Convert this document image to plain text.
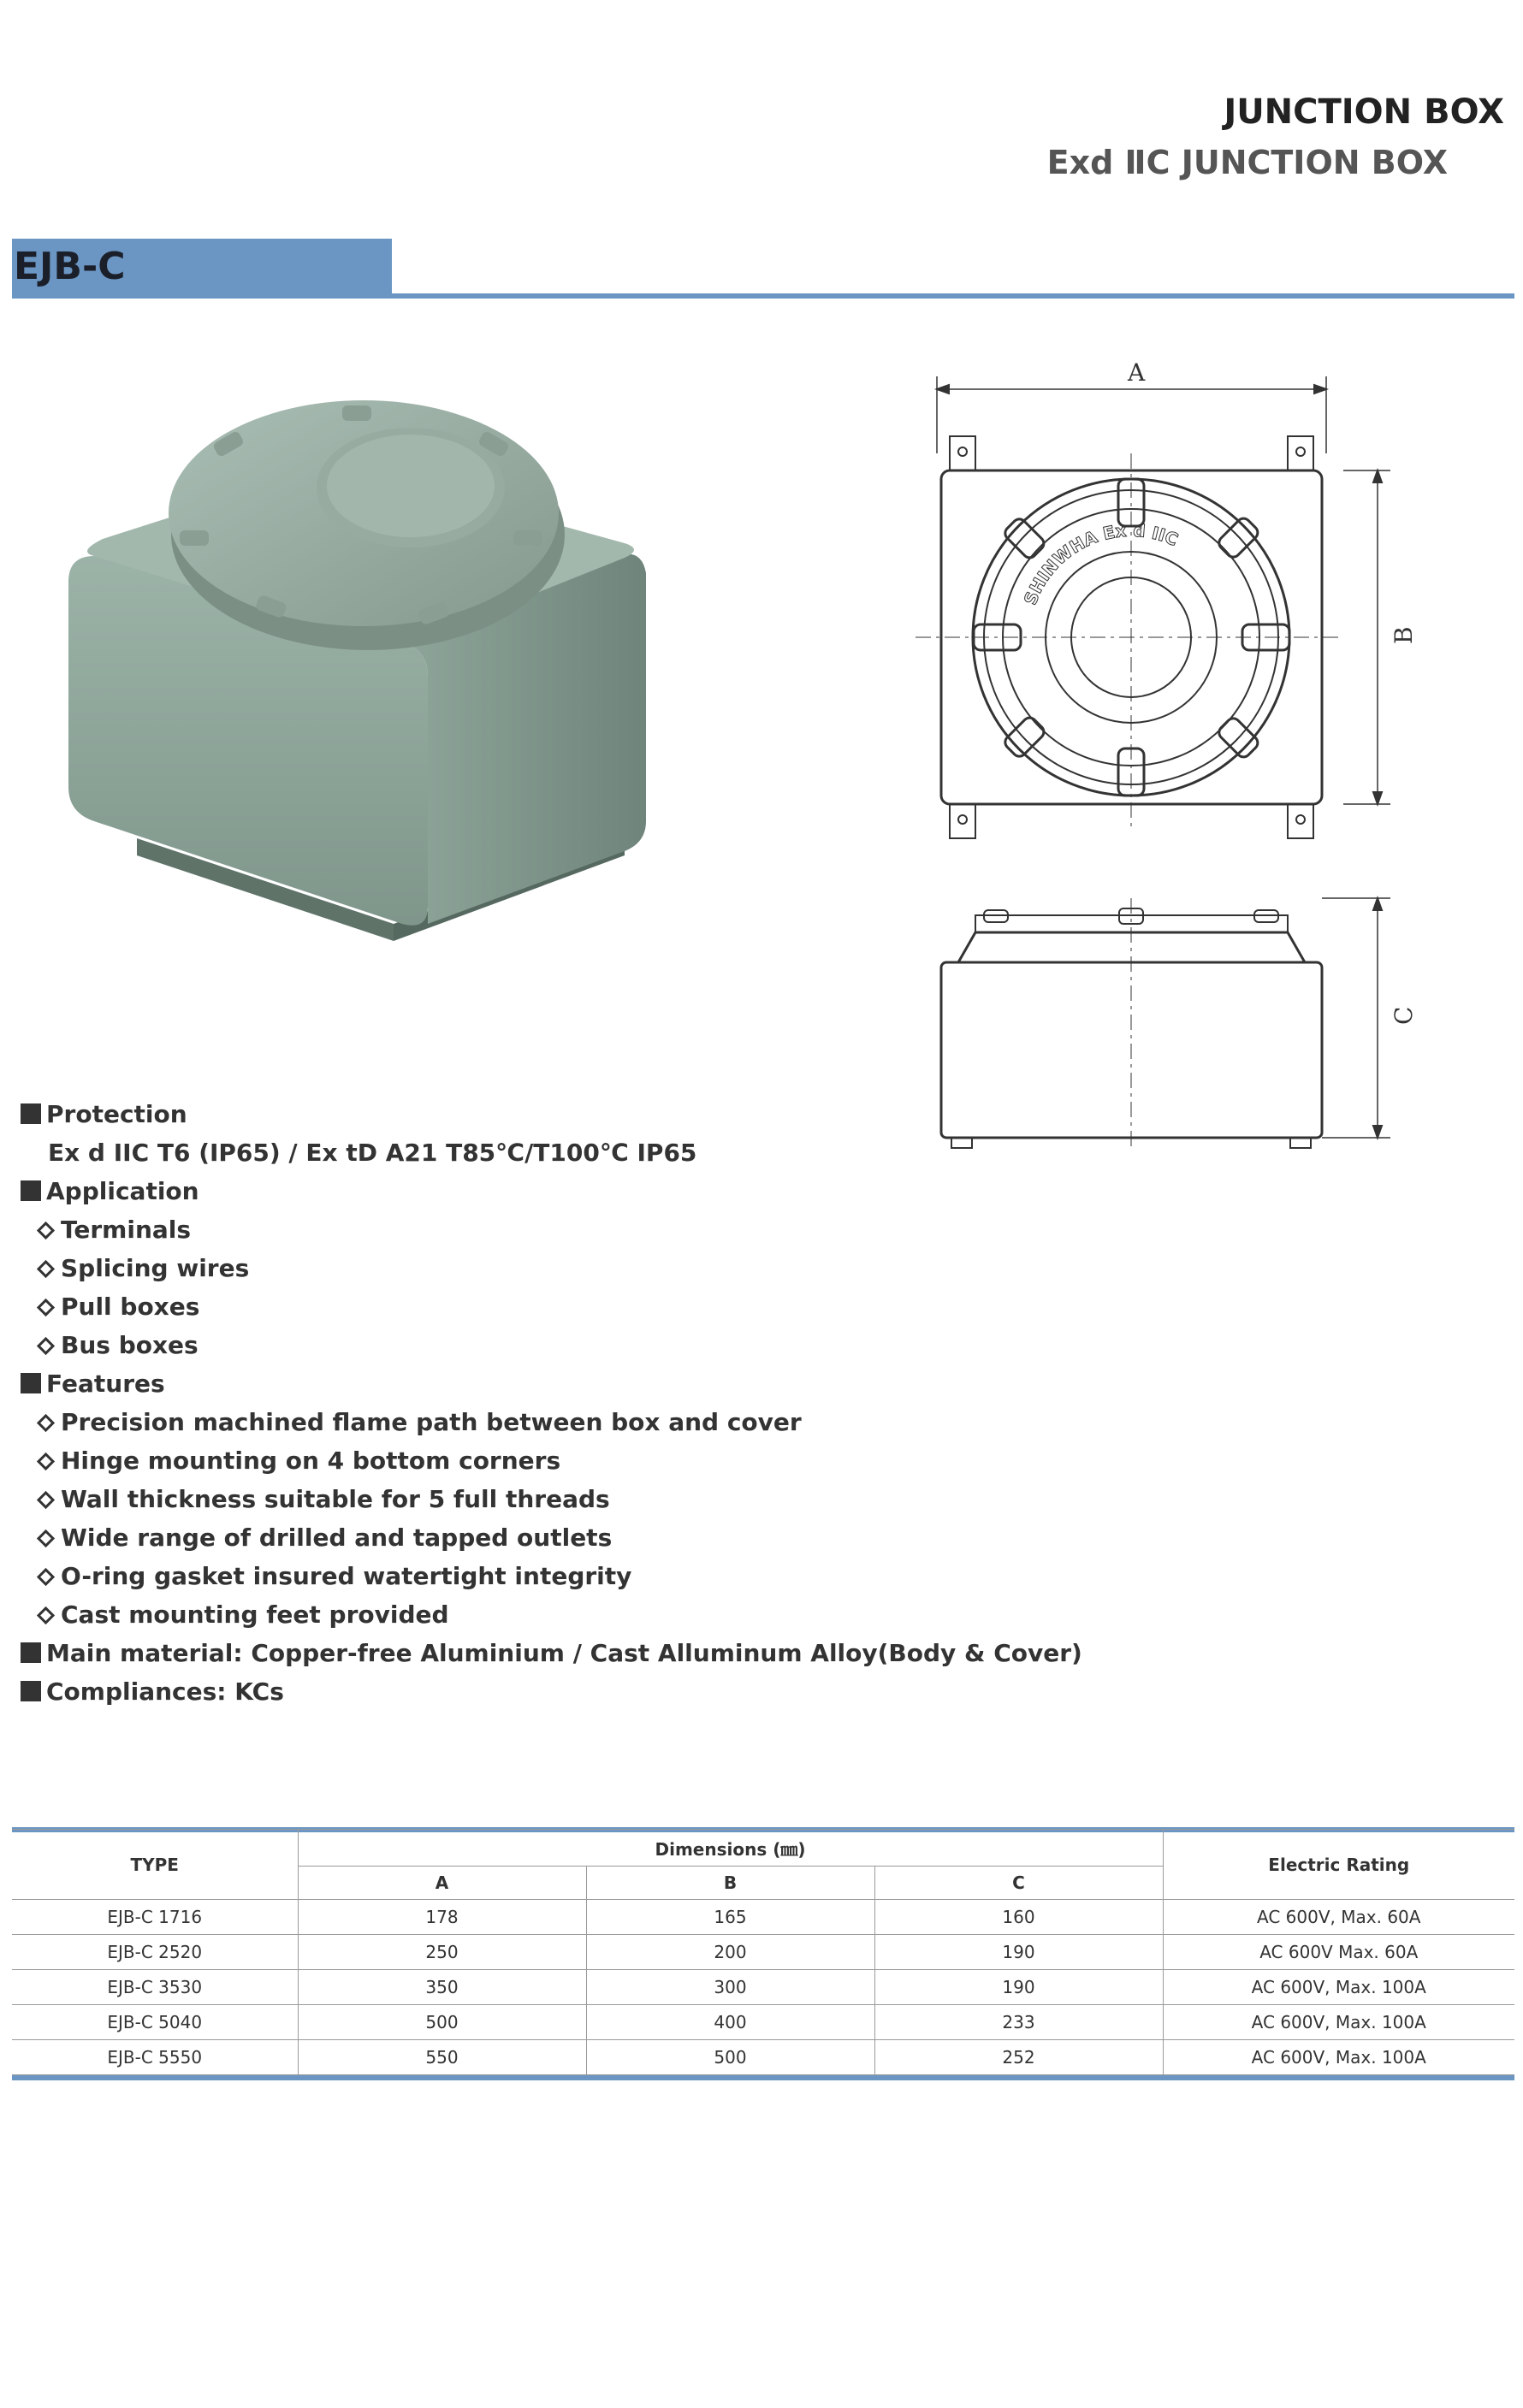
JUNCTION BOX
Exd ⅡC JUNCTION BOX
EJB-C
A
SHINWHA Ex d IIC
B
C
Protection
Ex d IIC T6 (IP65) / Ex tD A21 T85℃/T100℃ IP65
Application
Terminals
Splicing wires
Pull boxes
Bus boxes
Features
Precision machined flame path between box and cover
Hinge mounting on 4 bottom corners
Wall thickness suitable for 5 full threads
Wide range of drilled and tapped outlets
O-ring gasket insured watertight integrity
Cast mounting feet provided
Main material: Copper-free Aluminium / Cast Alluminum Alloy(Body & Cover)
Compliances: KCs
TYPE	Dimensions (㎜)			Electric Rating
	A	B	C	
EJB-C 1716	178	165	160	AC 600V, Max. 60A
EJB-C 2520	250	200	190	AC 600V Max. 60A
EJB-C 3530	350	300	190	AC 600V, Max. 100A
EJB-C 5040	500	400	233	AC 600V, Max. 100A
EJB-C 5550	550	500	252	AC 600V, Max. 100A
